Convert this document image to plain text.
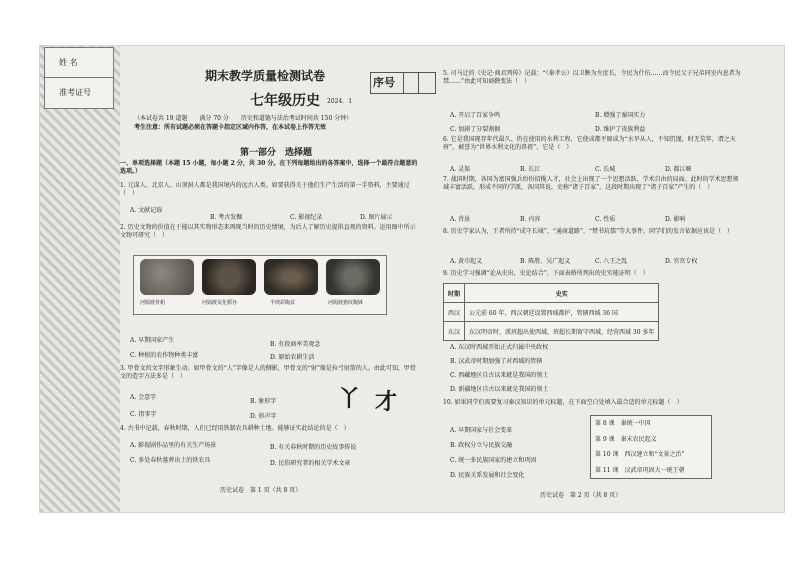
姓 名
准考证号
期末教学质量检测试卷	序号
七年级历史 2024．1
（本试卷共 19 道题　　满分 70 分　　历史和道德与法治考试时间共 150 分钟）
考生注意：所有试题必须在答题卡指定区域内作答，在本试卷上作答无效
第一部分　选择题
一、单项选择题（本题 15 小题，每小题 2 分，共 30 分。在下列每题给出的各答案中，选择一个最符合题意的选项。）
1. 元谋人、北京人、山顶洞人都是我国境内的远古人类。如要获得关于他们生产生活的第一手资料，主要通过（　）
A. 文献记载
B. 考古发掘	C. 影视纪录	D. 图片展示
2. 历史文物的价值在于能以其实物形态来再现当时的历史情境，为后人了解历史提供直观的资料。运用图中所示文物可研究（　）
河姆渡骨耜	河姆渡炭化稻谷	半坡彩陶盆	河姆渡猪纹陶钵
A. 早期国家产生
B. 有段商率美观念
C. 种植的农作物种类丰富	D. 原始农耕生活
3. 甲骨文的文字形象生动。如甲骨文的“人”字像是人的侧影，甲骨文的“射”像是拉弓射箭的人。由此可知，甲骨文的造字方法多是（　）
A. 会意字
B. 象形字
C. 指事字	D. 形声字
丫 才
4. 古书中记载，春秋时期，人们已经用铁制农具耕种土地。能够证实此结论的是（　）
A. 影视剧作品里的有关生产场景	B. 有关春秋时期的历史故事传说
C. 多处春秋墓葬出土的铁农具	D. 民俗研究者的相关学术文章
历史试卷　第 1 页（共 8 页）
5. 司马迁的《史记·商君列传》记载：“（秦孝公）以卫鞅为左庶长，令民为什伍……而令民父子兄弟同室内息者为禁……”由此可知商鞅变法（　）
A. 开启了百家争鸣	B. 增强了秦国实力
C. 加剧了分裂割据	D. 维护了贵族利益
6. 它是我国现存年代最久、仍在使用的水利工程，它使成都平原成为“水旱从人，不知饥馑，时无荒年，谓之天府”，被誉为“世界水利文化的鼻祖”。它是（　）
A. 灵渠	B. 长江	C. 长城	D. 都江堰
7. 战国时期，各国为富国强兵纷纷招揽人才，社会上出现了一个思想活跃、学术自由的局面。此时的学术思想领域丰富活跃，形成不同的学派，各国其说，史称“诸子百家”，这段时期出现了“诸子百家”产生的（　）
A. 背景	B. 内容	C. 性质	D. 影响
8. 历史学家认为，王者所持“成守长城”、“通商道路”、“焚书坑儒”等大事件。同学们的发言依据应该是（　）
A. 黄巾起义	B. 陈胜、吴广起义	C. 八王之乱	D. 官官专权
9. 历史学习强调“论从史出，史论结合”，下面表格所列出的史实能证明（　）
时期	史实
西汉	公元前 60 年，西汉朝廷设置西域都护，管辖西域 36 国
东汉	东汉明帝时，派班超出使西域，班超长期留守西域，经营西域 30 多年
A. 东汉时西域开始正式归属中央政权
B. 汉武帝时期加强了对西域的管辖
C. 西藏地区自古以来就是我国的领土
D. 新疆地区自古以来就是我国的领土
10. 如果同学们需要复习秦汉知识的单元标题，在下面空白处填入最合适的单元标题（　）
A. 早期国家与社会变革
B. 政权分立与民族交融
C. 统一多民族国家的建立和巩固
D. 民族关系发展和社会变化
第 8 课　秦统一中国
第 9 课　秦末农民起义
第 10 课　西汉建立和“文景之治”
第 11 课　汉武帝巩固大一统王朝
历史试卷　第 2 页（共 8 页）
